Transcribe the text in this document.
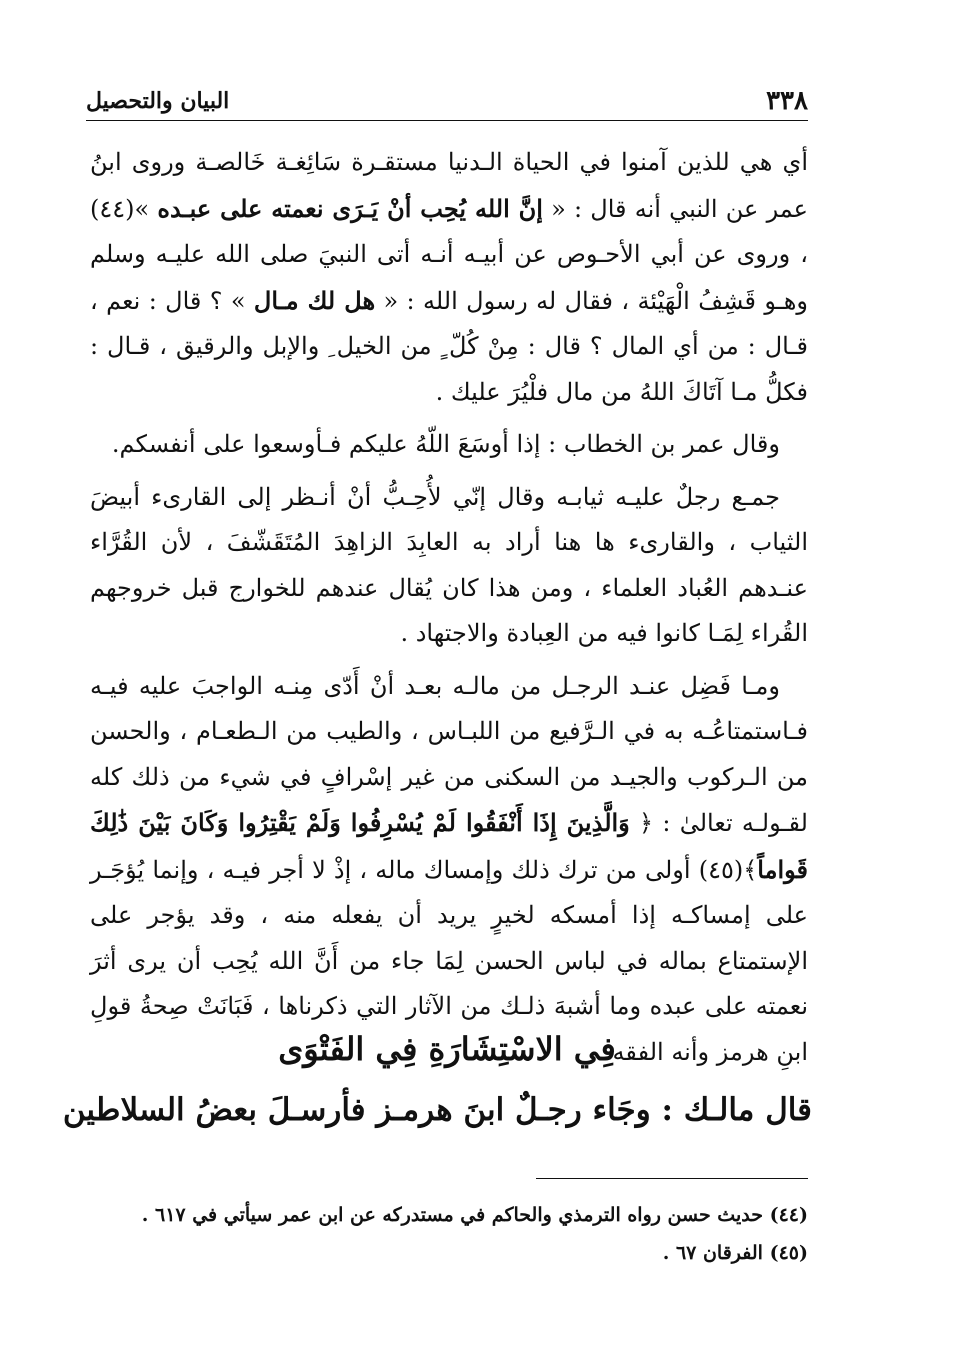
٣٣٨
البيان والتحصيل

أي هي للذين آمنوا في الحياة الـدنيا مستقـرة سَائِغـة خَالصـة وروى ابنُ عمر عن النبي أنه قال : « إنَّ الله يُحِب أنْ يَـرَى نعمته على عبـده »(٤٤) ، وروى عن أبي الأحـوص عن أبيـه أنـه أتى النبيَ صلى الله عليـه وسلم وهـو قَشِفُ الْهَيْئة ، فقال له رسول الله : « هل لك مـال » ؟ قال : نعم ، قـال : من أي المال ؟ قال : مِنْ كُلّ ٍ من الخيل ِ والإبل والرقيق ، قـال : فكلُّ مـا آتَاكَ اللهُ من مال فلْيُرَ عليك .

وقال عمر بن الخطاب : إذا أوسَعَ اللّهُ عليكم فـأوسعوا على أنفسكم.

جمـع رجلٌ عليـه ثيابـه وقال إنّي لأُحِـبُّ أنْ أنـظر إلى القارىء أبيضَ الثياب ، والقارىء ها هنا أراد به العابِدَ الزاهِدَ المُتَقَشّفَ ، لأن القُرَّاء عنـدهم العُباد العلماء ، ومن هذا كان يُقال عندهم للخوارج قبل خروجهم القُراء لِمَـا كانوا فيه من العِبادة والاجتهاد .

ومـا فَضِل عنـد الرجـل من مالـه بعـد أنْ أَدّى مِنـه الواجبَ عليه فيـه فـاستمتاعُـه به في الـرَّفيع من اللبـاس ، والطيب من الـطعـام ، والحسن من الـركوب والجيـد من السكنى من غير إسْرافٍ في شيء من ذلك كله لقـولـه تعالىٰ : ﴿ وَالَّذِينَ إِذَا أَنْفَقُوا لَمْ يُسْرِفُوا وَلَمْ يَقْتِرُوا وَكَانَ بَيْنَ ذَٰلِكَ قَواماً﴾(٤٥) أولى من ترك ذلك وإمساك ماله ، إذْ لا أجر فيـه ، وإنما يُؤجَـر على إمساكـه إذا أمسكه لخيرٍ يريد أن يفعله منه ، وقد يؤجر على الإستمتاع بماله في لباس الحسن لِمَا جاء من أَنَّ الله يُحِب أن يرى أثرَ نعمته على عبده وما أشبهَ ذلـك من الآثار التي ذكرناها ، فَبَانَتْ صِحةُ قولِ ابنِ هرمز وأنه الفقه .

فِي الاسْتِشَارَةِ فِي الفَتْوَى
قال مالـك : وجَاء رجـلٌ ابنَ هرمـز فأرسـلَ بعضُ السلاطين
(٤٤) حديث حسن رواه الترمذي والحاكم في مستدركه عن ابن عمر سيأتي في ٦١٧ .
(٤٥) الفرقان ٦٧ .
